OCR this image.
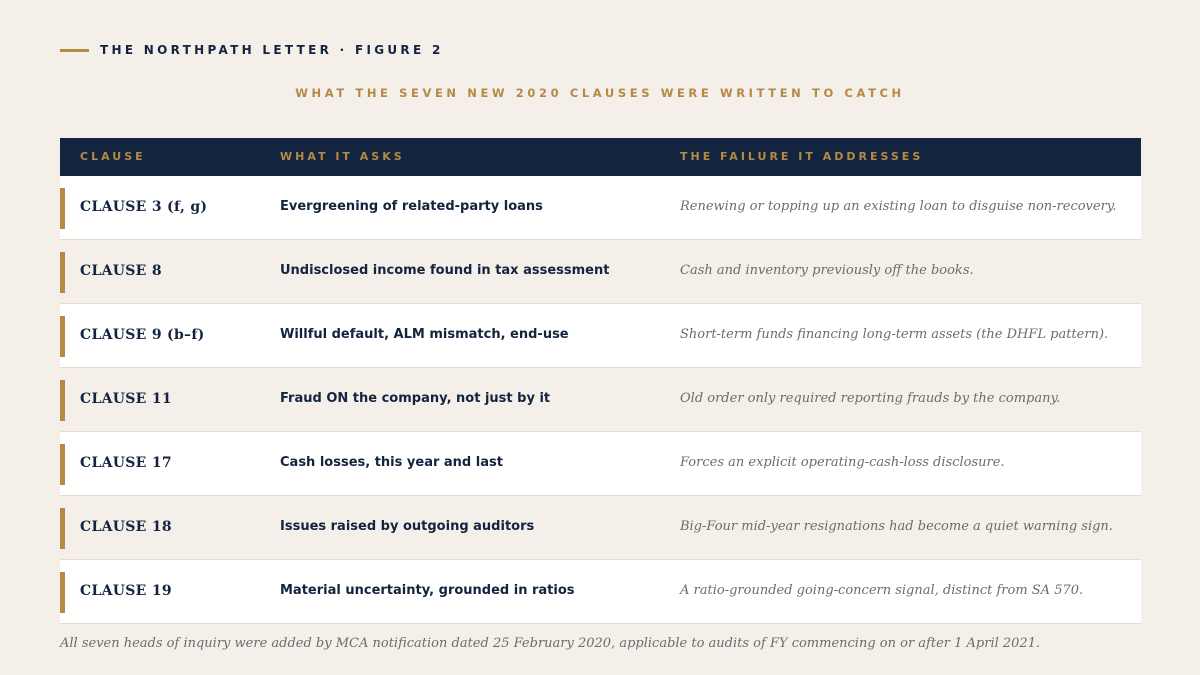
THE NORTHPATH LETTER · FIGURE 2
WHAT THE SEVEN NEW 2020 CLAUSES WERE WRITTEN TO CATCH
CLAUSE	WHAT IT ASKS	THE FAILURE IT ADDRESSES
CLAUSE 3 (f, g)	Evergreening of related-party loans	Renewing or topping up an existing loan to disguise non-recovery.
CLAUSE 8	Undisclosed income found in tax assessment	Cash and inventory previously off the books.
CLAUSE 9 (b–f)	Willful default, ALM mismatch, end-use	Short-term funds financing long-term assets (the DHFL pattern).
CLAUSE 11	Fraud ON the company, not just by it	Old order only required reporting frauds by the company.
CLAUSE 17	Cash losses, this year and last	Forces an explicit operating-cash-loss disclosure.
CLAUSE 18	Issues raised by outgoing auditors	Big-Four mid-year resignations had become a quiet warning sign.
CLAUSE 19	Material uncertainty, grounded in ratios	A ratio-grounded going-concern signal, distinct from SA 570.
All seven heads of inquiry were added by MCA notification dated 25 February 2020, applicable to audits of FY commencing on or after 1 April 2021.
